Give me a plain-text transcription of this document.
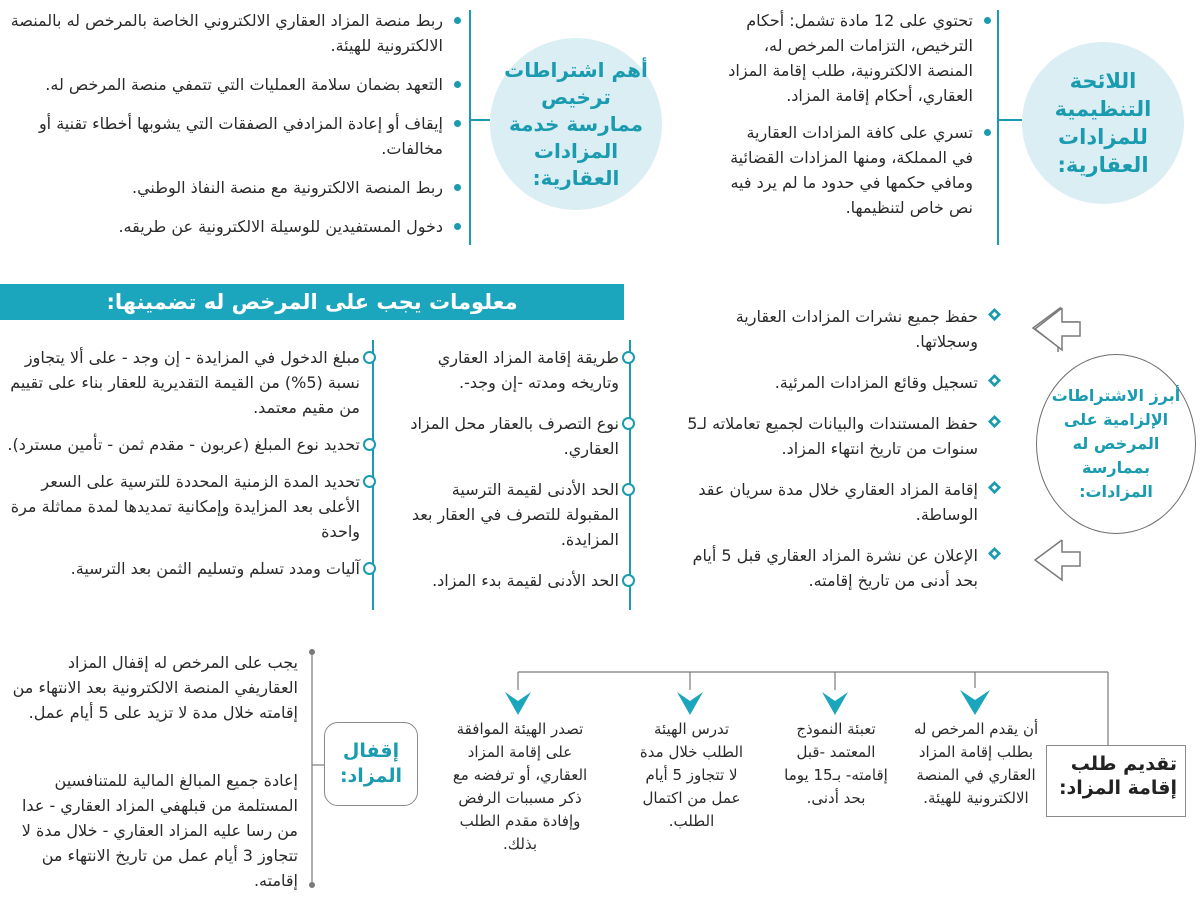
اللائحة التنظيمية للمزادات العقارية:
تحتوي على 12 مادة تشمل: أحكام الترخيص، التزامات المرخص له، المنصة الالكترونية، طلب إقامة المزاد العقاري، أحكام إقامة المزاد.
تسري على كافة المزادات العقارية في المملكة، ومنها المزادات القضائية ومافي حكمها في حدود ما لم يرد فيه نص خاص لتنظيمها.
أهم اشتراطات ترخيص ممارسة خدمة المزادات العقارية:
ربط منصة المزاد العقاري الالكتروني الخاصة بالمرخص له بالمنصة الالكترونية للهيئة.
التعهد بضمان سلامة العمليات التي تتمفي منصة المرخص له.
إيقاف أو إعادة المزادفي الصفقات التي يشوبها أخطاء تقنية أو مخالفات.
ربط المنصة الالكترونية مع منصة النفاذ الوطني.
دخول المستفيدين للوسيلة الالكترونية عن طريقه.
معلومات يجب على المرخص له تضمينها:
طريقة إقامة المزاد العقاري وتاريخه ومدته -إن وجد-.
نوع التصرف بالعقار محل المزاد العقاري.
الحد الأدنى لقيمة الترسية المقبولة للتصرف في العقار بعد المزايدة.
الحد الأدنى لقيمة بدء المزاد.
مبلغ الدخول في المزايدة - إن وجد - على ألا يتجاوز نسبة (5%) من القيمة التقديرية للعقار بناء على تقييم من مقيم معتمد.
تحديد نوع المبلغ (عربون - مقدم ثمن - تأمين مسترد).
تحديد المدة الزمنية المحددة للترسية على السعر الأعلى بعد المزايدة وإمكانية تمديدها لمدة مماثلة مرة واحدة
آليات ومدد تسلم وتسليم الثمن بعد الترسية.
أبرز الاشتراطات الإلزامية على المرخص له بممارسة المزادات:
حفظ جميع نشرات المزادات العقارية وسجلاتها.
تسجيل وقائع المزادات المرئية.
حفظ المستندات والبيانات لجميع تعاملاته لـ5 سنوات من تاريخ انتهاء المزاد.
إقامة المزاد العقاري خلال مدة سريان عقد الوساطة.
الإعلان عن نشرة المزاد العقاري قبل 5 أيام بحد أدنى من تاريخ إقامته.
تقديم طلب إقامة المزاد:
أن يقدم المرخص له بطلب إقامة المزاد العقاري في المنصة الالكترونية للهيئة.
تعبئة النموذج المعتمد -قبل إقامته- بـ15 يوما بحد أدنى.
تدرس الهيئة الطلب خلال مدة لا تتجاوز 5 أيام عمل من اكتمال الطلب.
تصدر الهيئة الموافقة على إقامة المزاد العقاري، أو ترفضه مع ذكر مسببات الرفض وإفادة مقدم الطلب بذلك.
إقفال المزاد:
يجب على المرخص له إقفال المزاد العقاريفي المنصة الالكترونية بعد الانتهاء من إقامته خلال مدة لا تزيد على 5 أيام عمل.
إعادة جميع المبالغ المالية للمتنافسين المستلمة من قبلهفي المزاد العقاري - عدا من رسا عليه المزاد العقاري - خلال مدة لا تتجاوز 3 أيام عمل من تاريخ الانتهاء من إقامته.
